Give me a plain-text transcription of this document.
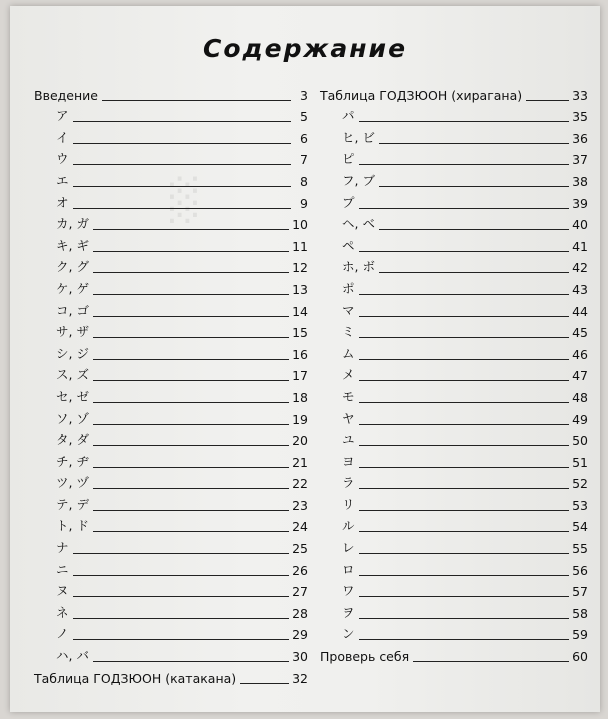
░
Содержание
Введение	3
ア	5
イ	6
ウ	7
エ	8
オ	9
カ, ガ	10
キ, ギ	11
ク, グ	12
ケ, ゲ	13
コ, ゴ	14
サ, ザ	15
シ, ジ	16
ス, ズ	17
セ, ゼ	18
ソ, ゾ	19
タ, ダ	20
チ, ヂ	21
ツ, ヅ	22
テ, デ	23
ト, ド	24
ナ	25
ニ	26
ヌ	27
ネ	28
ノ	29
ハ, バ	30
Таблица ГОДЗЮОН (катакана)	32
Таблица ГОДЗЮОН (хирагана)	33
パ	35
ヒ, ビ	36
ピ	37
フ, ブ	38
プ	39
ヘ, ベ	40
ペ	41
ホ, ボ	42
ポ	43
マ	44
ミ	45
ム	46
メ	47
モ	48
ヤ	49
ユ	50
ヨ	51
ラ	52
リ	53
ル	54
レ	55
ロ	56
ワ	57
ヲ	58
ン	59
Проверь себя	60
